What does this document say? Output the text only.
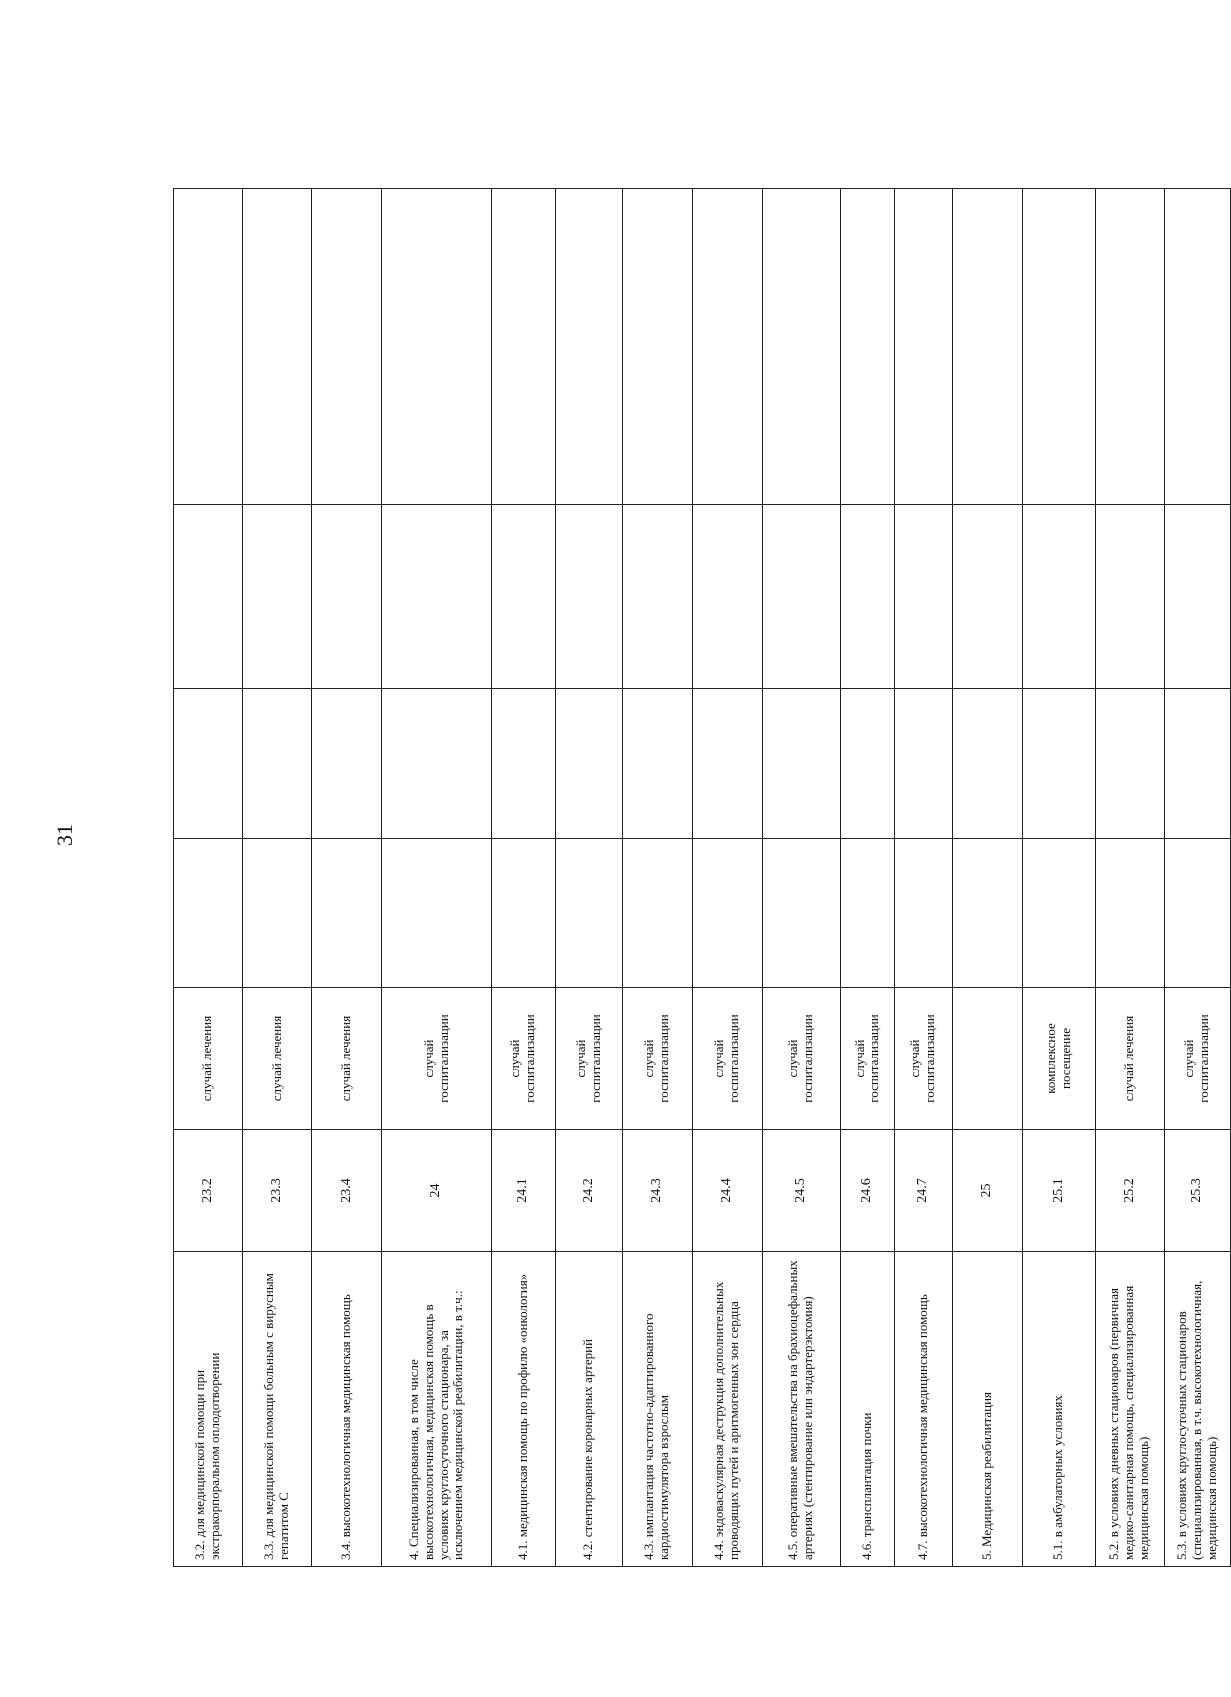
31
3.2. для медицинской помощи при экстракорпоральном оплодотворении	23.2	случай лечения				
3.3. для медицинской помощи больным с вирусным гепатитом С	23.3	случай лечения				
3.4. высокотехнологичная медицинская помощь	23.4	случай лечения				
4. Специализированная, в том числе высокотехнологичная, медицинская помощь в условиях круглосуточного стационара, за исключением медицинской реабилитации, в т.ч.:	24	случай госпитализации				
4.1. медицинская помощь по профилю «онкология»	24.1	случай госпитализации				
4.2. стентирование коронарных артерий	24.2	случай госпитализации				
4.3. имплантация частотно-адаптированного кардиостимулятора взрослым	24.3	случай госпитализации				
4.4. эндоваскулярная деструкция дополнительных проводящих путей и аритмогенных зон сердца	24.4	случай госпитализации				
4.5. оперативные вмешательства на брахиоцефальных артериях (стентирование или эндартерэктомия)	24.5	случай госпитализации				
4.6. трансплантация почки	24.6	случай госпитализации				
4.7. высокотехнологичная медицинская помощь	24.7	случай госпитализации				
5. Медицинская реабилитация	25					
5.1. в амбулаторных условиях	25.1	комплексное посещение				
5.2. в условиях дневных стационаров (первичная медико-санитарная помощь, специализированная медицинская помощь)	25.2	случай лечения				
5.3. в условиях круглосуточных стационаров (специализированная, в т.ч. высокотехнологичная, медицинская помощь)	25.3	случай госпитализации				
